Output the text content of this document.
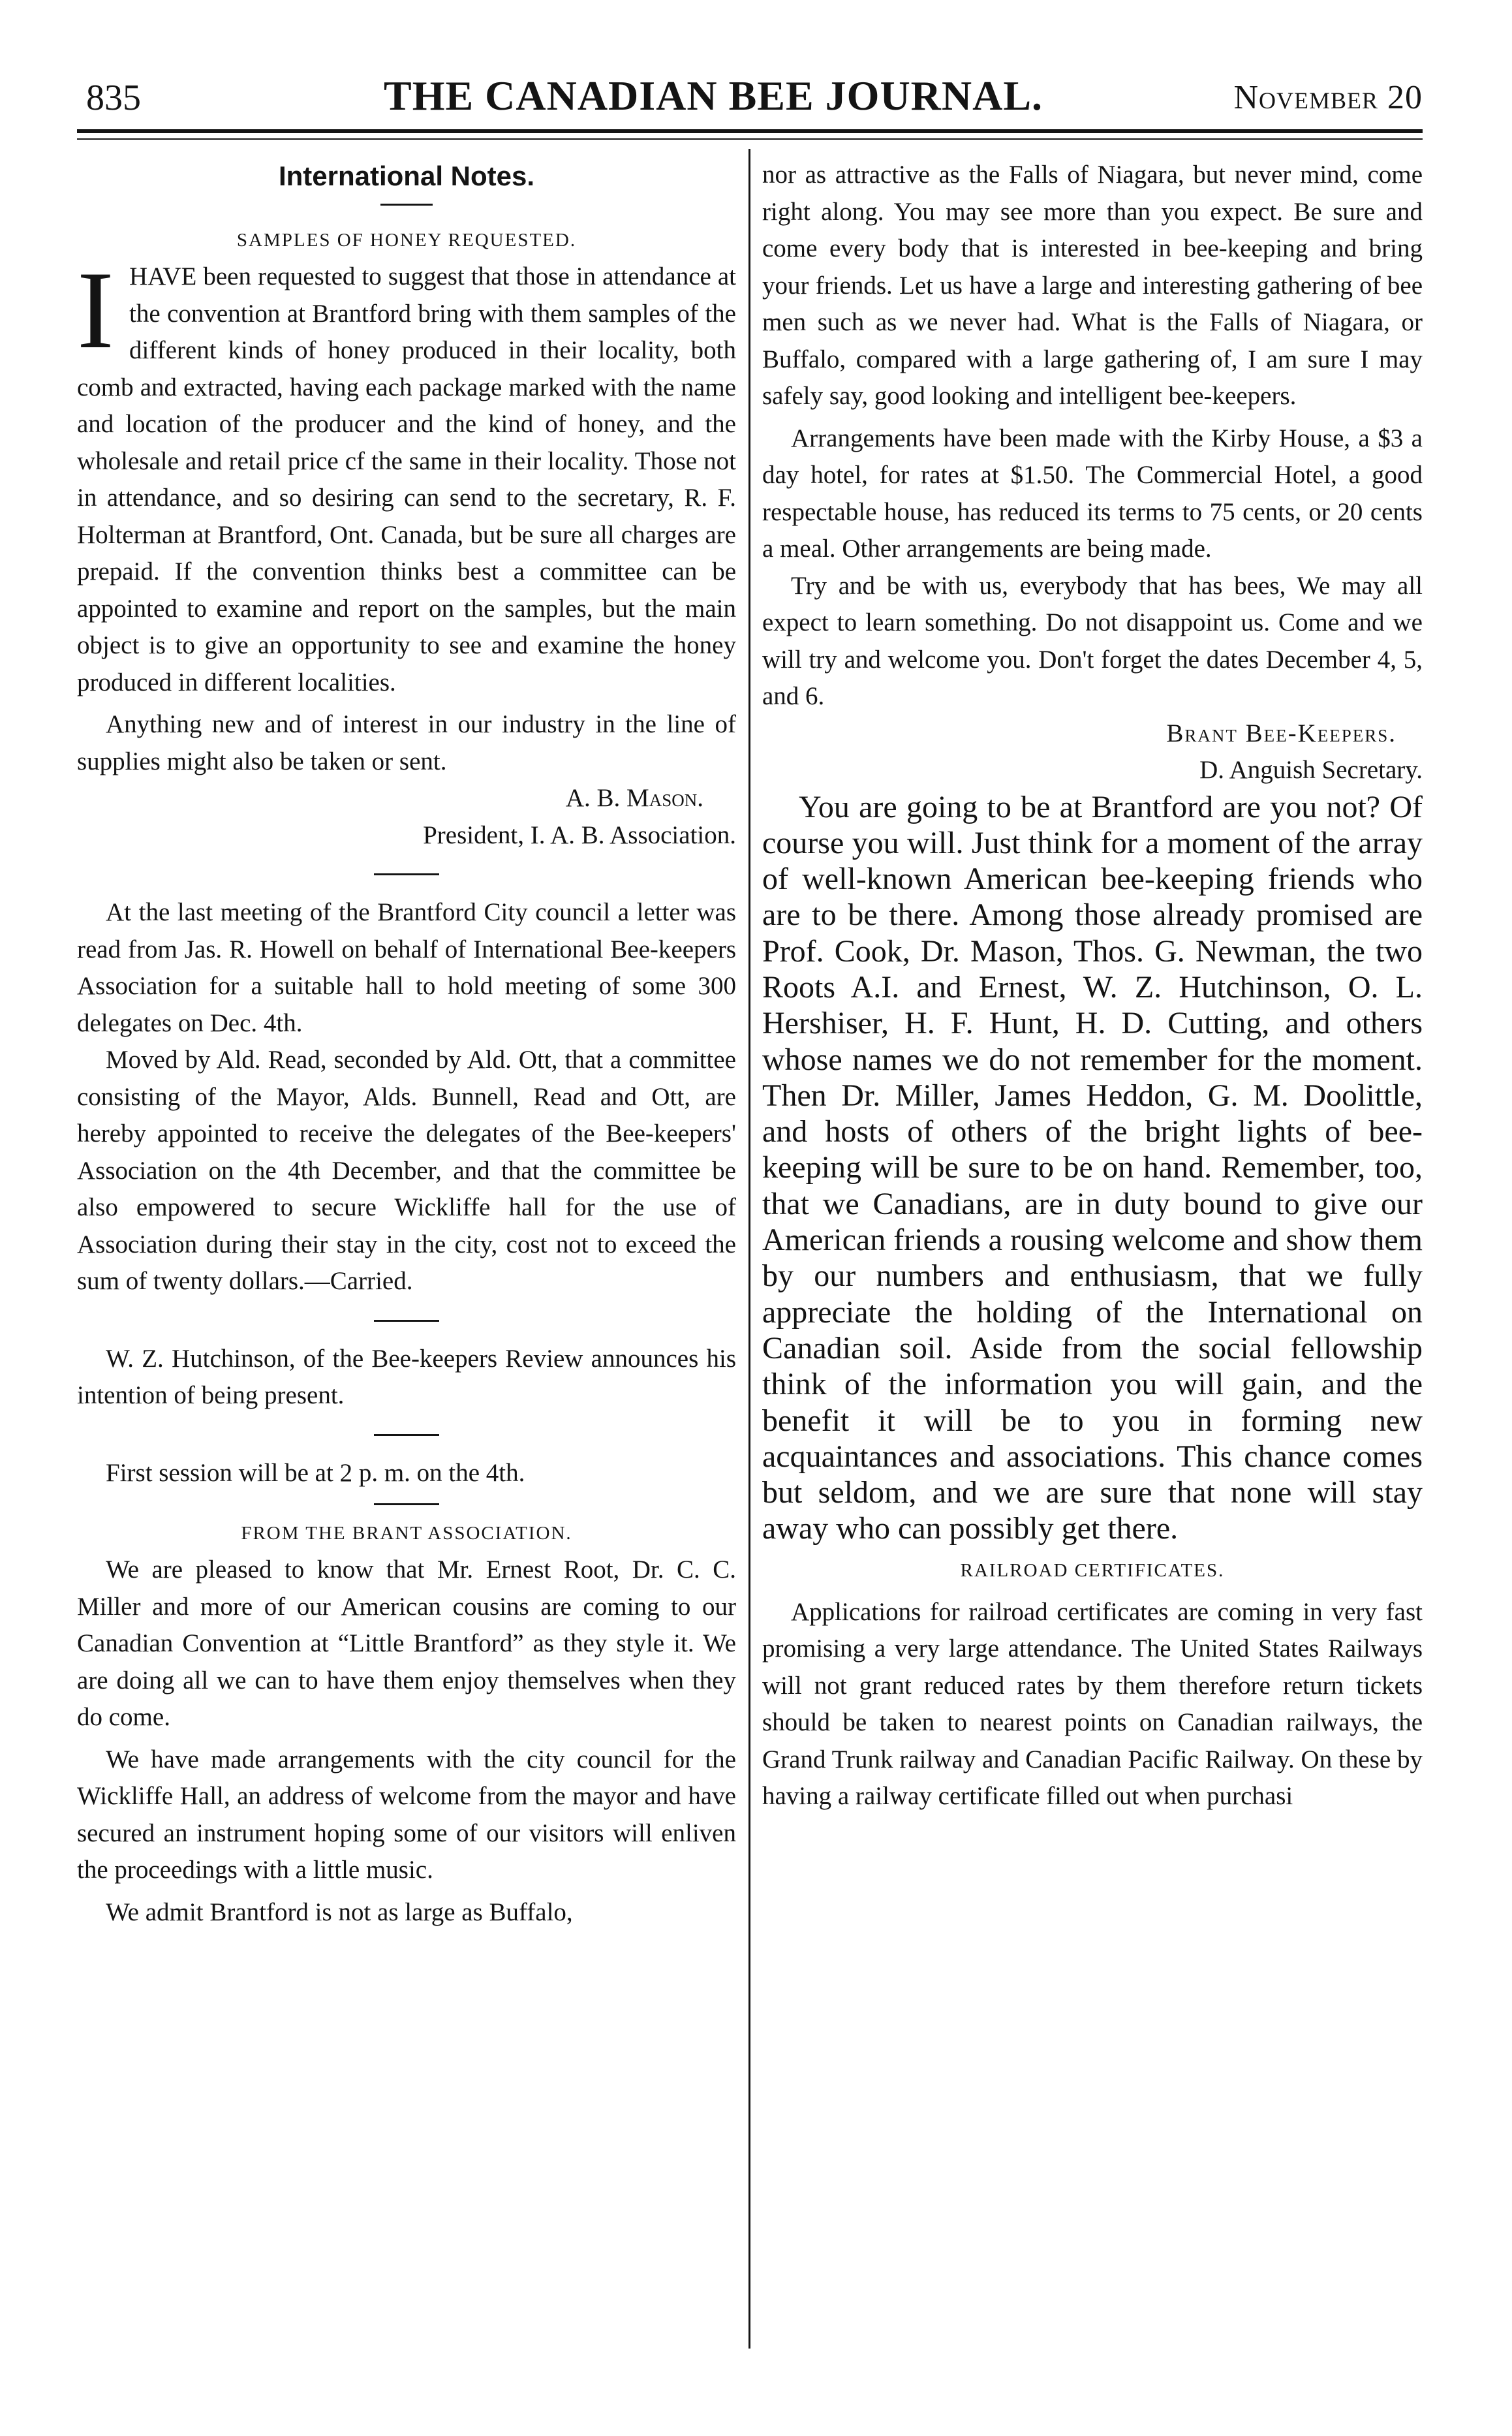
835	THE CANADIAN BEE JOURNAL.	November 20

International Notes.

SAMPLES OF HONEY REQUESTED.

I HAVE been requested to suggest that those in attendance at the convention at Brantford bring with them samples of the different kinds of honey produced in their locality, both comb and extracted, having each package marked with the name and location of the producer and the kind of honey, and the wholesale and retail price cf the same in their locality. Those not in attendance, and so desiring can send to the secretary, R. F. Holterman at Brantford, Ont. Canada, but be sure all charges are prepaid. If the convention thinks best a committee can be appointed to examine and report on the samples, but the main object is to give an opportunity to see and examine the honey produced in different localities.

Anything new and of interest in our industry in the line of supplies might also be taken or sent.

A. B. Mason.

President, I. A. B. Association.

At the last meeting of the Brantford City council a letter was read from Jas. R. Howell on behalf of International Bee-keepers Association for a suitable hall to hold meeting of some 300 delegates on Dec. 4th.

Moved by Ald. Read, seconded by Ald. Ott, that a committee consisting of the Mayor, Alds. Bunnell, Read and Ott, are hereby appointed to receive the delegates of the Bee-keepers' Association on the 4th December, and that the committee be also empowered to secure Wickliffe hall for the use of Association during their stay in the city, cost not to exceed the sum of twenty dollars.—Carried.

W. Z. Hutchinson, of the Bee-keepers Review announces his intention of being present.

First session will be at 2 p. m. on the 4th.

FROM THE BRANT ASSOCIATION.

We are pleased to know that Mr. Ernest Root, Dr. C. C. Miller and more of our American cousins are coming to our Canadian Convention at “Little Brantford” as they style it. We are doing all we can to have them enjoy themselves when they do come.

We have made arrangements with the city council for the Wickliffe Hall, an address of welcome from the mayor and have secured an instrument hoping some of our visitors will enliven the proceedings with a little music.

We admit Brantford is not as large as Buffalo,

nor as attractive as the Falls of Niagara, but never mind, come right along. You may see more than you expect. Be sure and come every body that is interested in bee-keeping and bring your friends. Let us have a large and interesting gathering of bee men such as we never had. What is the Falls of Niagara, or Buffalo, compared with a large gathering of, I am sure I may safely say, good looking and intelligent bee-keepers.

Arrangements have been made with the Kirby House, a $3 a day hotel, for rates at $1.50. The Commercial Hotel, a good respectable house, has reduced its terms to 75 cents, or 20 cents a meal. Other arrangements are being made.

Try and be with us, everybody that has bees, We may all expect to learn something. Do not disappoint us. Come and we will try and welcome you. Don't forget the dates December 4, 5, and 6.

Brant Bee-Keepers.

D. Anguish Secretary.

You are going to be at Brantford are you not? Of course you will. Just think for a moment of the array of well-known American bee-keeping friends who are to be there. Among those already promised are Prof. Cook, Dr. Mason, Thos. G. Newman, the two Roots A.I. and Ernest, W. Z. Hutchinson, O. L. Hershiser, H. F. Hunt, H. D. Cutting, and others whose names we do not remember for the moment. Then Dr. Miller, James Heddon, G. M. Doolittle, and hosts of others of the bright lights of bee-keeping will be sure to be on hand. Remember, too, that we Canadians, are in duty bound to give our American friends a rousing welcome and show them by our numbers and enthusiasm, that we fully appreciate the holding of the International on Canadian soil. Aside from the social fellowship think of the information you will gain, and the benefit it will be to you in forming new acquaintances and associations. This chance comes but seldom, and we are sure that none will stay away who can possibly get there.

RAILROAD CERTIFICATES.

Applications for railroad certificates are coming in very fast promising a very large attendance. The United States Railways will not grant reduced rates by them therefore return tickets should be taken to nearest points on Canadian railways, the Grand Trunk railway and Canadian Pacific Railway. On these by having a railway certificate filled out when purchasi
